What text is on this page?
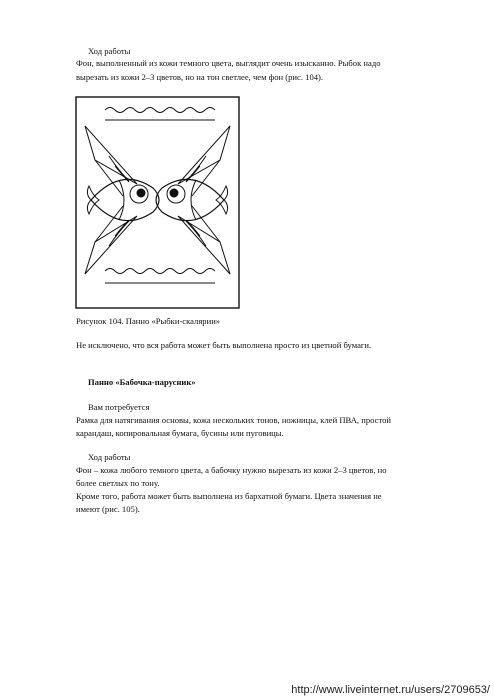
Ход работы
Фон, выполненный из кожи темного цвета, выглядит очень изысканно. Рыбок надо
вырезать из кожи 2–3 цветов, но на тон светлее, чем фон (рис. 104).
Рисунок 104. Панно «Рыбки-скалярии»
Не исключено, что вся работа может быть выполнена просто из цветной бумаги.
Панно «Бабочка-парусник»
Вам потребуется
Рамка для натягивания основы, кожа нескольких тонов, ножницы, клей ПВА, простой
карандаш, копировальная бумага, бусины или пуговицы.
Ход работы
Фон – кожа любого темного цвета, а бабочку нужно вырезать из кожи 2–3 цветов, но
более светлых по тону.
Кроме того, работа может быть выполнена из бархатной бумаги. Цвета значения не
имеют (рис. 105).
http://www.liveinternet.ru/users/2709653/
